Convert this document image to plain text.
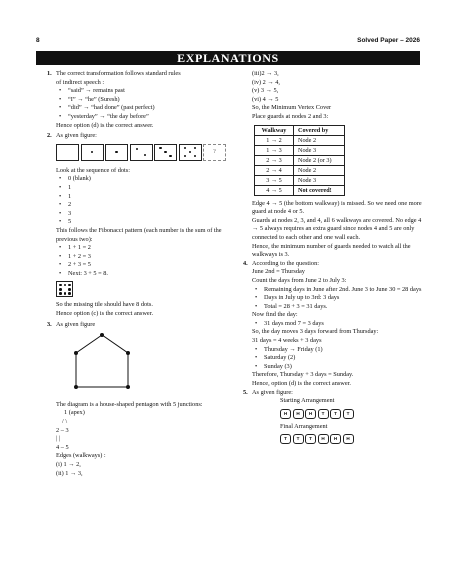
8	Solved Paper – 2026
EXPLANATIONS
1. The correct transformation follows standard rules
of indirect speech :
• “said” → remains past
• “I” → “he” (Suresh)
• “did” → “had done” (past perfect)
• “yesterday” → “the day before”
Hence option (d) is the correct answer.
2. As given figure:
?
Look at the sequence of dots:
• 0 (blank)
• 1
• 1
• 2
• 3
• 5
This follows the Fibonacci pattern (each number is the sum of the previous two):
• 1 + 1 = 2
• 1 + 2 = 3
• 2 + 3 = 5
• Next: 3 + 5 = 8.
So the missing tile should have 8 dots.
Hence option (c) is the correct answer.
3. As given figure
The diagram is a house-shaped pentagon with 5 junctions:
1 (apex)
/ \
2 – 3
| |
4 – 5
Edges (walkways) :
(i) 1 → 2,
(ii) 1 → 3,
(iii)2 → 3,
(iv) 2 → 4,
(v) 3 → 5,
(vi) 4 → 5
So, the Minimum Vertex Cover
Place guards at nodes 2 and 3:
Walkway	Covered by
1 → 2	Node 2
1 → 3	Node 3
2 → 3	Node 2 (or 3)
2 → 4	Node 2
3 → 5	Node 3
4 → 5	Not covered!
Edge 4 → 5 (the bottom walkway) is missed. So we need one more guard at node 4 or 5.
Guards at nodes 2, 3, and 4, all 6 walkways are covered. No edge 4 → 5 always requires an extra guard since nodes 4 and 5 are only connected to each other and one wall each.
Hence, the minimum number of guards needed to watch all the walkways is 3.
4. According to the question:
June 2nd = Thursday
Count the days from June 2 to July 3:
• Remaining days in June after 2nd. June 3 to June 30 = 28 days
• Days in July up to 3rd: 3 days
• Total = 28 + 3 = 31 days.
Now find the day:
• 31 days mod 7 = 3 days
So, the day moves 3 days forward from Thursday:
31 days = 4 weeks + 3 days
• Thursday → Friday (1)
• Saturday (2)
• Sunday (3)
Therefore, Thursday + 3 days = Sunday.
Hence, option (d) is the correct answer.
5. As given figure:
Starting Arrangement
H	H	H	T	T	T
Final Arrangement
T	T	T	H	H	H
